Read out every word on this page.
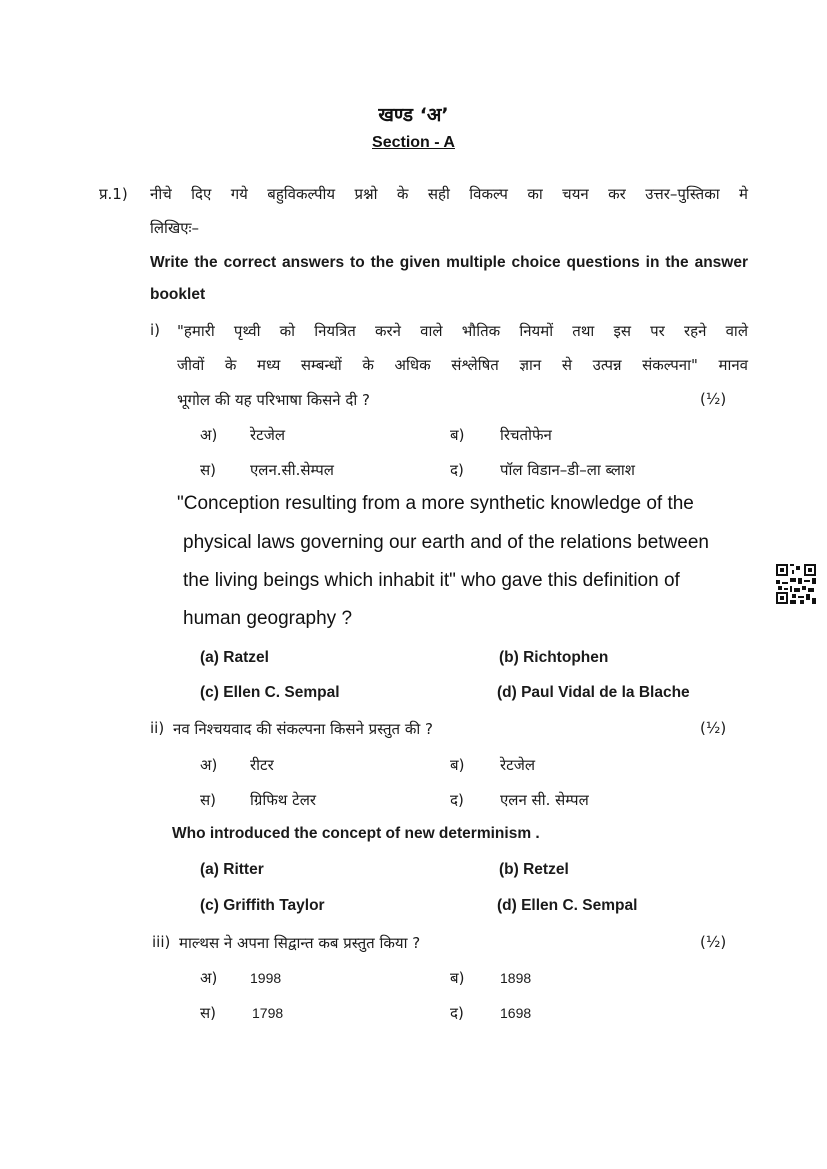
खण्ड ‘अ’
Section - A
प्र.1) नीचे दिए गये बहुविकल्पीय प्रश्नो के सही विकल्प का चयन कर उत्तर–पुस्तिका मे
लिखिएः–
Write the correct answers to the given multiple choice questions in the answer
booklet
i) "हमारी पृथ्वी को नियत्रित करने वाले भौतिक नियमों तथा इस पर रहने वाले
जीवों के मध्य सम्बन्धों के अधिक संश्लेषित ज्ञान से उत्पन्न संकल्पना" मानव
भूगोल की यह परिभाषा किसने दी ?	(½)
अ) रेटजेल	ब) रिचतोफेन
स) एलन.सी.सेम्पल	द) पॉल विडान–डी–ला ब्लाश
"Conception resulting from a more synthetic knowledge of the
physical laws governing our earth and of the relations between
the living beings which inhabit it" who gave this definition of
human geography ?
(a) Ratzel	(b) Richtophen
(c) Ellen C. Sempal	(d) Paul Vidal de la Blache
ii) नव निश्चयवाद की संकल्पना किसने प्रस्तुत की ?	(½)
अ) रीटर	ब) रेटजेल
स) ग्रिफिथ टेलर	द) एलन सी. सेम्पल
Who introduced the concept of new determinism .
(a) Ritter	(b) Retzel
(c) Griffith Taylor	(d) Ellen C. Sempal
iii) माल्थस ने अपना सिद्वान्त कब प्रस्तुत किया ?	(½)
अ) 1998	ब)	1898
स)	1798	द)	1698
